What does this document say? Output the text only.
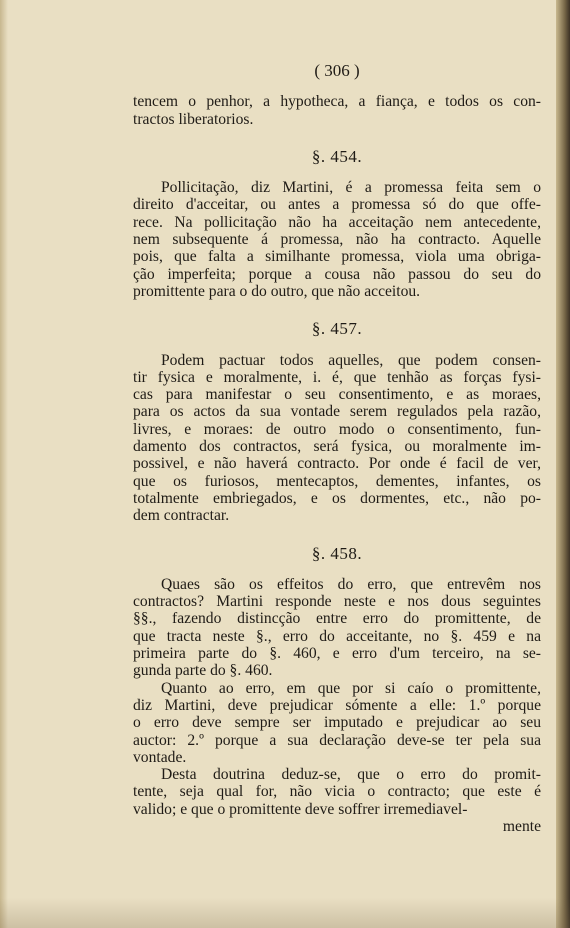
( 306 )
tencem o penhor, a hypotheca, a fiança, e todos os con-
tractos liberatorios.
§. 454.
Pollicitação, diz Martini, é a promessa feita sem o
direito d'acceitar, ou antes a promessa só do que offe-
rece. Na pollicitação não ha acceitação nem antecedente,
nem subsequente á promessa, não ha contracto. Aquelle
pois, que falta a similhante promessa, viola uma obriga-
ção imperfeita; porque a cousa não passou do seu do
promittente para o do outro, que não acceitou.
§. 457.
Podem pactuar todos aquelles, que podem consen-
tir fysica e moralmente, i. é, que tenhão as forças fysi-
cas para manifestar o seu consentimento, e as moraes,
para os actos da sua vontade serem regulados pela razão,
livres, e moraes: de outro modo o consentimento, fun-
damento dos contractos, será fysica, ou moralmente im-
possivel, e não haverá contracto. Por onde é facil de ver,
que os furiosos, mentecaptos, dementes, infantes, os
totalmente embriegados, e os dormentes, etc., não po-
dem contractar.
§. 458.
Quaes são os effeitos do erro, que entrevêm nos
contractos? Martini responde neste e nos dous seguintes
§§., fazendo distincção entre erro do promittente, de
que tracta neste §., erro do acceitante, no §. 459 e na
primeira parte do §. 460, e erro d'um terceiro, na se-
gunda parte do §. 460.
Quanto ao erro, em que por si caío o promittente,
diz Martini, deve prejudicar sómente a elle: 1.º porque
o erro deve sempre ser imputado e prejudicar ao seu
auctor: 2.º porque a sua declaração deve-se ter pela sua
vontade.
Desta doutrina deduz-se, que o erro do promit-
tente, seja qual for, não vicia o contracto; que este é
valido; e que o promittente deve soffrer irremediavel-
mente
